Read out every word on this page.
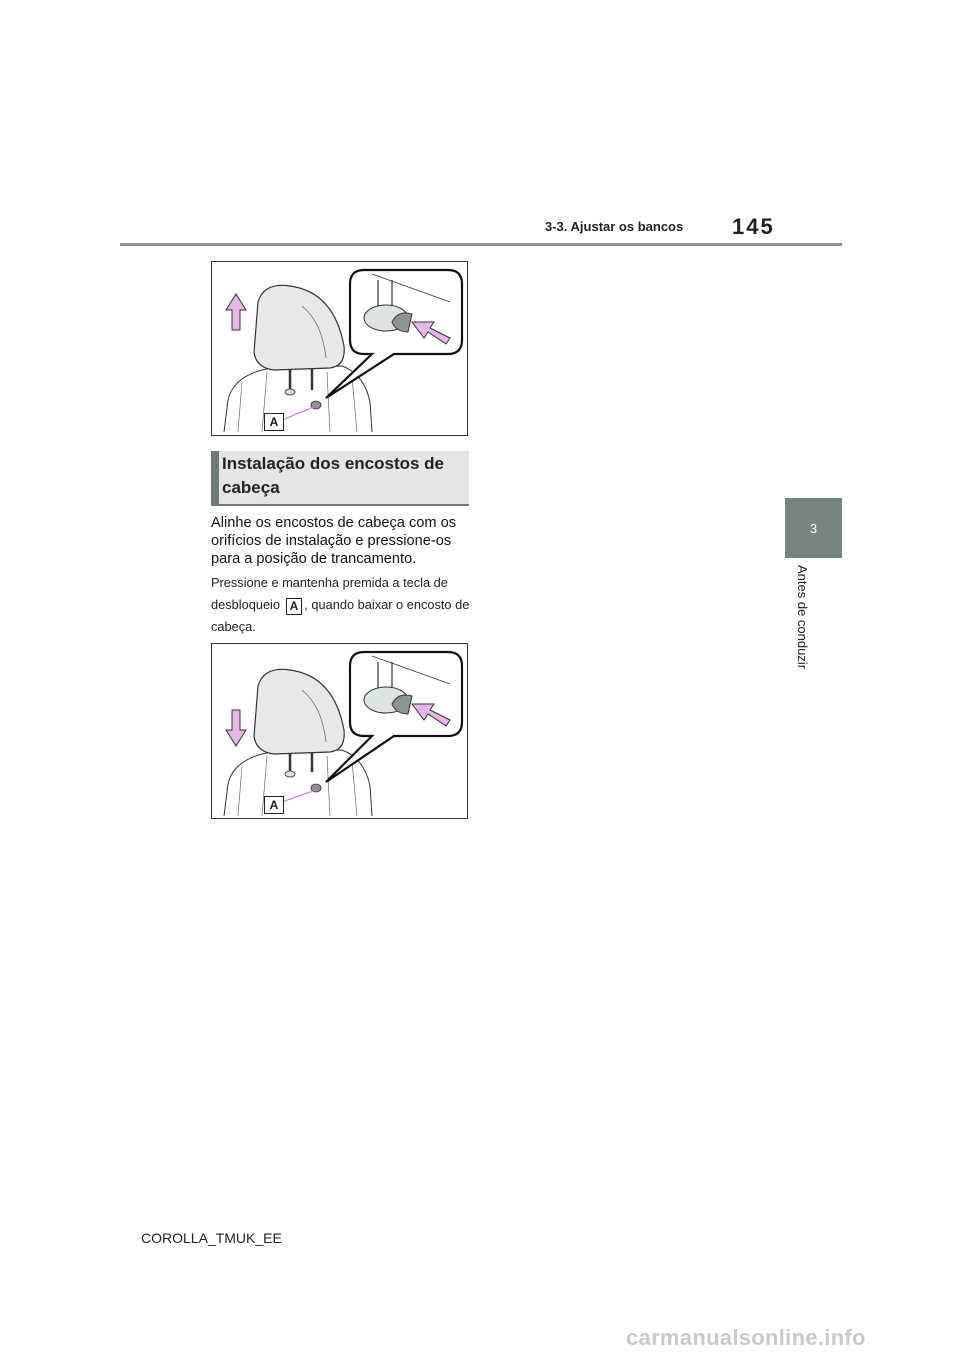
3-3. Ajustar os bancos 145
3
Antes de conduzir
A
Instalação dos encostos de cabeça
Alinhe os encostos de cabeça com os orifícios de instalação e pressione-os para a posição de trancamento.
Pressione e mantenha premida a tecla de desbloqueio A , quando baixar o encosto de cabeça.
A
COROLLA_TMUK_EE
carmanualsonline.info
